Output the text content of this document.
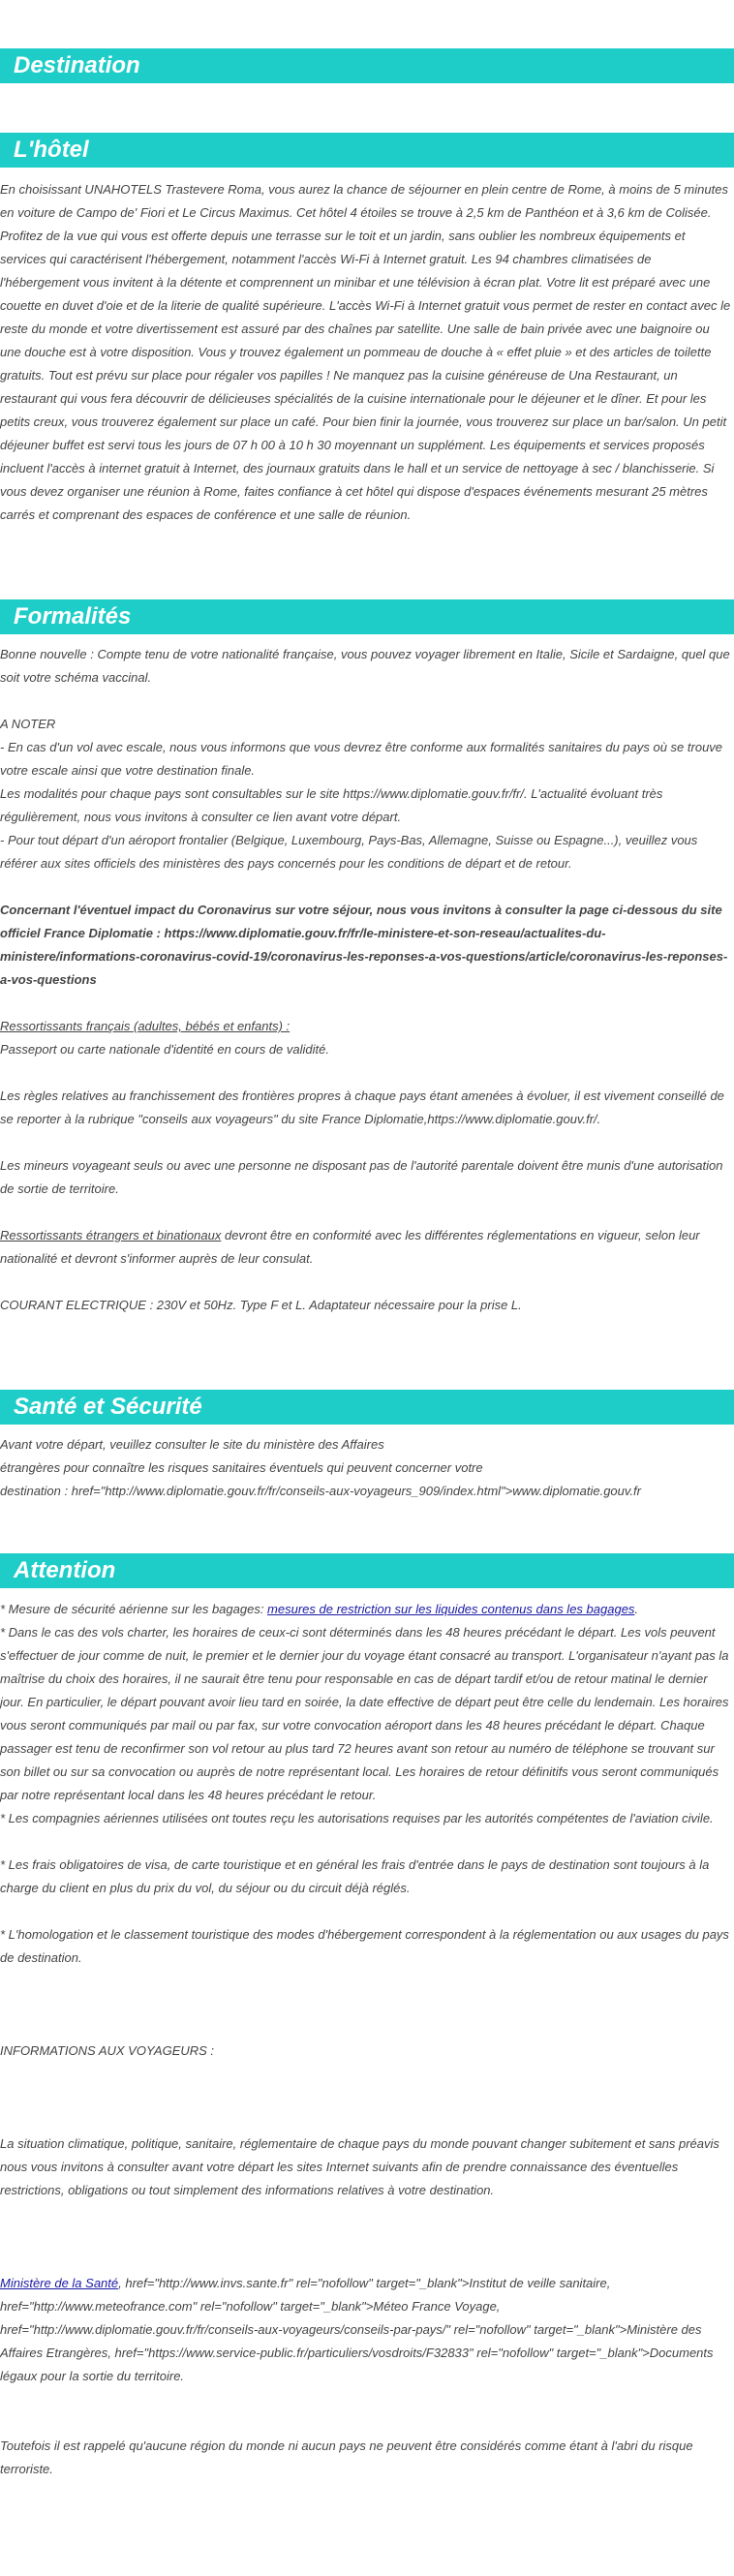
Destination
L'hôtel

En choisissant UNAHOTELS Trastevere Roma, vous aurez la chance de séjourner en plein centre de Rome, à moins de 5 minutes en voiture de Campo de' Fiori et Le Circus Maximus. Cet hôtel 4 étoiles se trouve à 2,5 km de Panthéon et à 3,6 km de Colisée. Profitez de la vue qui vous est offerte depuis une terrasse sur le toit et un jardin, sans oublier les nombreux équipements et services qui caractérisent l'hébergement, notamment l'accès Wi-Fi à Internet gratuit. Les 94 chambres climatisées de l'hébergement vous invitent à la détente et comprennent un minibar et une télévision à écran plat. Votre lit est préparé avec une couette en duvet d'oie et de la literie de qualité supérieure. L'accès Wi-Fi à Internet gratuit vous permet de rester en contact avec le reste du monde et votre divertissement est assuré par des chaînes par satellite. Une salle de bain privée avec une baignoire ou une douche est à votre disposition. Vous y trouvez également un pommeau de douche à « effet pluie » et des articles de toilette gratuits. Tout est prévu sur place pour régaler vos papilles ! Ne manquez pas la cuisine généreuse de Una Restaurant, un restaurant qui vous fera découvrir de délicieuses spécialités de la cuisine internationale pour le déjeuner et le dîner. Et pour les petits creux, vous trouverez également sur place un café. Pour bien finir la journée, vous trouverez sur place un bar/salon. Un petit déjeuner buffet est servi tous les jours de 07 h 00 à 10 h 30 moyennant un supplément. Les équipements et services proposés incluent l'accès à internet gratuit à Internet, des journaux gratuits dans le hall et un service de nettoyage à sec / blanchisserie. Si vous devez organiser une réunion à Rome, faites confiance à cet hôtel qui dispose d'espaces événements mesurant 25 mètres carrés et comprenant des espaces de conférence et une salle de réunion.

Formalités

Bonne nouvelle : Compte tenu de votre nationalité française, vous pouvez voyager librement en Italie, Sicile et Sardaigne, quel que soit votre schéma vaccinal.

A NOTER

- En cas d'un vol avec escale, nous vous informons que vous devrez être conforme aux formalités sanitaires du pays où se trouve votre escale ainsi que votre destination finale.

Les modalités pour chaque pays sont consultables sur le site https://www.diplomatie.gouv.fr/fr/. L'actualité évoluant très régulièrement, nous vous invitons à consulter ce lien avant votre départ.

- Pour tout départ d'un aéroport frontalier (Belgique, Luxembourg, Pays-Bas, Allemagne, Suisse ou Espagne...), veuillez vous référer aux sites officiels des ministères des pays concernés pour les conditions de départ et de retour.

Concernant l'éventuel impact du Coronavirus sur votre séjour, nous vous invitons à consulter la page ci-dessous du site officiel France Diplomatie : https://www.diplomatie.gouv.fr/fr/le-ministere-et-son-reseau/actualites-du-ministere/informations-coronavirus-covid-19/coronavirus-les-reponses-a-vos-questions/article/coronavirus-les-reponses-a-vos-questions

Ressortissants français (adultes, bébés et enfants) :

Passeport ou carte nationale d'identité en cours de validité.

Les règles relatives au franchissement des frontières propres à chaque pays étant amenées à évoluer, il est vivement conseillé de se reporter à la rubrique "conseils aux voyageurs" du site France Diplomatie,https://www.diplomatie.gouv.fr/.

Les mineurs voyageant seuls ou avec une personne ne disposant pas de l'autorité parentale doivent être munis d'une autorisation de sortie de territoire.

Ressortissants étrangers et binationaux devront être en conformité avec les différentes réglementations en vigueur, selon leur nationalité et devront s'informer auprès de leur consulat.

COURANT ELECTRIQUE : 230V et 50Hz. Type F et L. Adaptateur nécessaire pour la prise L.

Santé et Sécurité

Avant votre départ, veuillez consulter le site du ministère des Affaires

étrangères pour connaître les risques sanitaires éventuels qui peuvent concerner votre

destination : href="http://www.diplomatie.gouv.fr/fr/conseils-aux-voyageurs_909/index.html">www.diplomatie.gouv.fr

Attention

* Mesure de sécurité aérienne sur les bagages: mesures de restriction sur les liquides contenus dans les bagages.

* Dans le cas des vols charter, les horaires de ceux-ci sont déterminés dans les 48 heures précédant le départ. Les vols peuvent s'effectuer de jour comme de nuit, le premier et le dernier jour du voyage étant consacré au transport. L'organisateur n'ayant pas la maîtrise du choix des horaires, il ne saurait être tenu pour responsable en cas de départ tardif et/ou de retour matinal le dernier jour. En particulier, le départ pouvant avoir lieu tard en soirée, la date effective de départ peut être celle du lendemain. Les horaires vous seront communiqués par mail ou par fax, sur votre convocation aéroport dans les 48 heures précédant le départ. Chaque passager est tenu de reconfirmer son vol retour au plus tard 72 heures avant son retour au numéro de téléphone se trouvant sur son billet ou sur sa convocation ou auprès de notre représentant local. Les horaires de retour définitifs vous seront communiqués par notre représentant local dans les 48 heures précédant le retour.

* Les compagnies aériennes utilisées ont toutes reçu les autorisations requises par les autorités compétentes de l'aviation civile.

* Les frais obligatoires de visa, de carte touristique et en général les frais d'entrée dans le pays de destination sont toujours à la charge du client en plus du prix du vol, du séjour ou du circuit déjà réglés.

* L'homologation et le classement touristique des modes d'hébergement correspondent à la réglementation ou aux usages du pays de destination.

INFORMATIONS AUX VOYAGEURS :

La situation climatique, politique, sanitaire, réglementaire de chaque pays du monde pouvant changer subitement et sans préavis

nous vous invitons à consulter avant votre départ les sites Internet suivants afin de prendre connaissance des éventuelles restrictions, obligations ou tout simplement des informations relatives à votre destination.

Ministère de la Santé, href="http://www.invs.sante.fr" rel="nofollow" target="_blank">Institut de veille sanitaire, href="http://www.meteofrance.com" rel="nofollow" target="_blank">Méteo France Voyage, href="http://www.diplomatie.gouv.fr/fr/conseils-aux-voyageurs/conseils-par-pays/" rel="nofollow" target="_blank">Ministère des Affaires Etrangères, href="https://www.service-public.fr/particuliers/vosdroits/F32833" rel="nofollow" target="_blank">Documents légaux pour la sortie du territoire.

Toutefois il est rappelé qu'aucune région du monde ni aucun pays ne peuvent être considérés comme étant à l'abri du risque terroriste.
